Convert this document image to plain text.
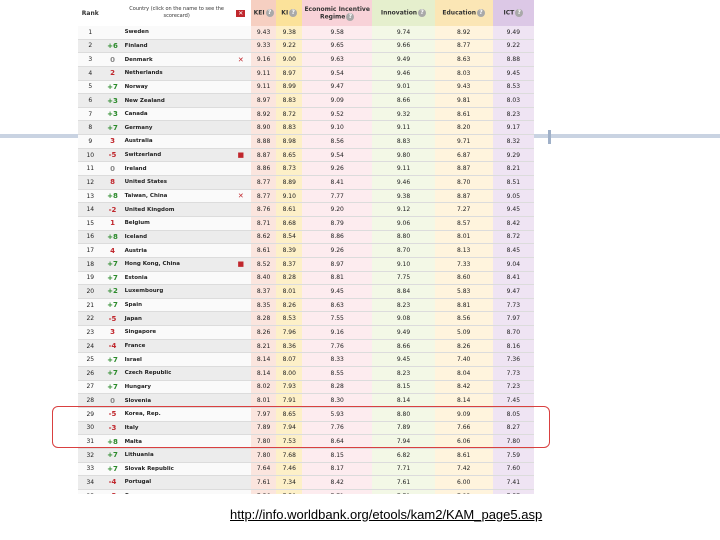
Rank		Country (click on the name to see the scorecard)	✕	KEI ?	KI ?	Economic Incentive Regime ?	Innovation ?	Education ?	ICT ?
1		Sweden		9.43	9.38	9.58	9.74	8.92	9.49
2	+6	Finland		9.33	9.22	9.65	9.66	8.77	9.22
3	0	Denmark	✕	9.16	9.00	9.63	9.49	8.63	8.88
4	2	Netherlands		9.11	8.97	9.54	9.46	8.03	9.45
5	+7	Norway		9.11	8.99	9.47	9.01	9.43	8.53
6	+3	New Zealand		8.97	8.83	9.09	8.66	9.81	8.03
7	+3	Canada		8.92	8.72	9.52	9.32	8.61	8.23
8	+7	Germany		8.90	8.83	9.10	9.11	8.20	9.17
9	3	Australia		8.88	8.98	8.56	8.83	9.71	8.32
10	-5	Switzerland	■	8.87	8.65	9.54	9.80	6.87	9.29
11	0	Ireland		8.86	8.73	9.26	9.11	8.87	8.21
12	8	United States		8.77	8.89	8.41	9.46	8.70	8.51
13	+8	Taiwan, China	✕	8.77	9.10	7.77	9.38	8.87	9.05
14	-2	United Kingdom		8.76	8.61	9.20	9.12	7.27	9.45
15	1	Belgium		8.71	8.68	8.79	9.06	8.57	8.42
16	+8	Iceland		8.62	8.54	8.86	8.80	8.01	8.72
17	4	Austria		8.61	8.39	9.26	8.70	8.13	8.45
18	+7	Hong Kong, China	■	8.52	8.37	8.97	9.10	7.33	9.04
19	+7	Estonia		8.40	8.28	8.81	7.75	8.60	8.41
20	+2	Luxembourg		8.37	8.01	9.45	8.84	5.83	9.47
21	+7	Spain		8.35	8.26	8.63	8.23	8.81	7.73
22	-5	Japan		8.28	8.53	7.55	9.08	8.56	7.97
23	3	Singapore		8.26	7.96	9.16	9.49	5.09	8.70
24	-4	France		8.21	8.36	7.76	8.66	8.26	8.16
25	+7	Israel		8.14	8.07	8.33	9.45	7.40	7.36
26	+7	Czech Republic		8.14	8.00	8.55	8.23	8.04	7.73
27	+7	Hungary		8.02	7.93	8.28	8.15	8.42	7.23
28	0	Slovenia		8.01	7.91	8.30	8.14	8.14	7.45
29	-5	Korea, Rep.		7.97	8.65	5.93	8.80	9.09	8.05
30	-3	Italy		7.89	7.94	7.76	7.89	7.66	8.27
31	+8	Malta		7.80	7.53	8.64	7.94	6.06	7.80
32	+7	Lithuania		7.80	7.68	8.15	6.82	8.61	7.59
33	+7	Slovak Republic		7.64	7.46	8.17	7.71	7.42	7.60
34	-4	Portugal		7.61	7.34	8.42	7.61	6.00	7.41

http://info.worldbank.org/etools/kam2/KAM_page5.asp
